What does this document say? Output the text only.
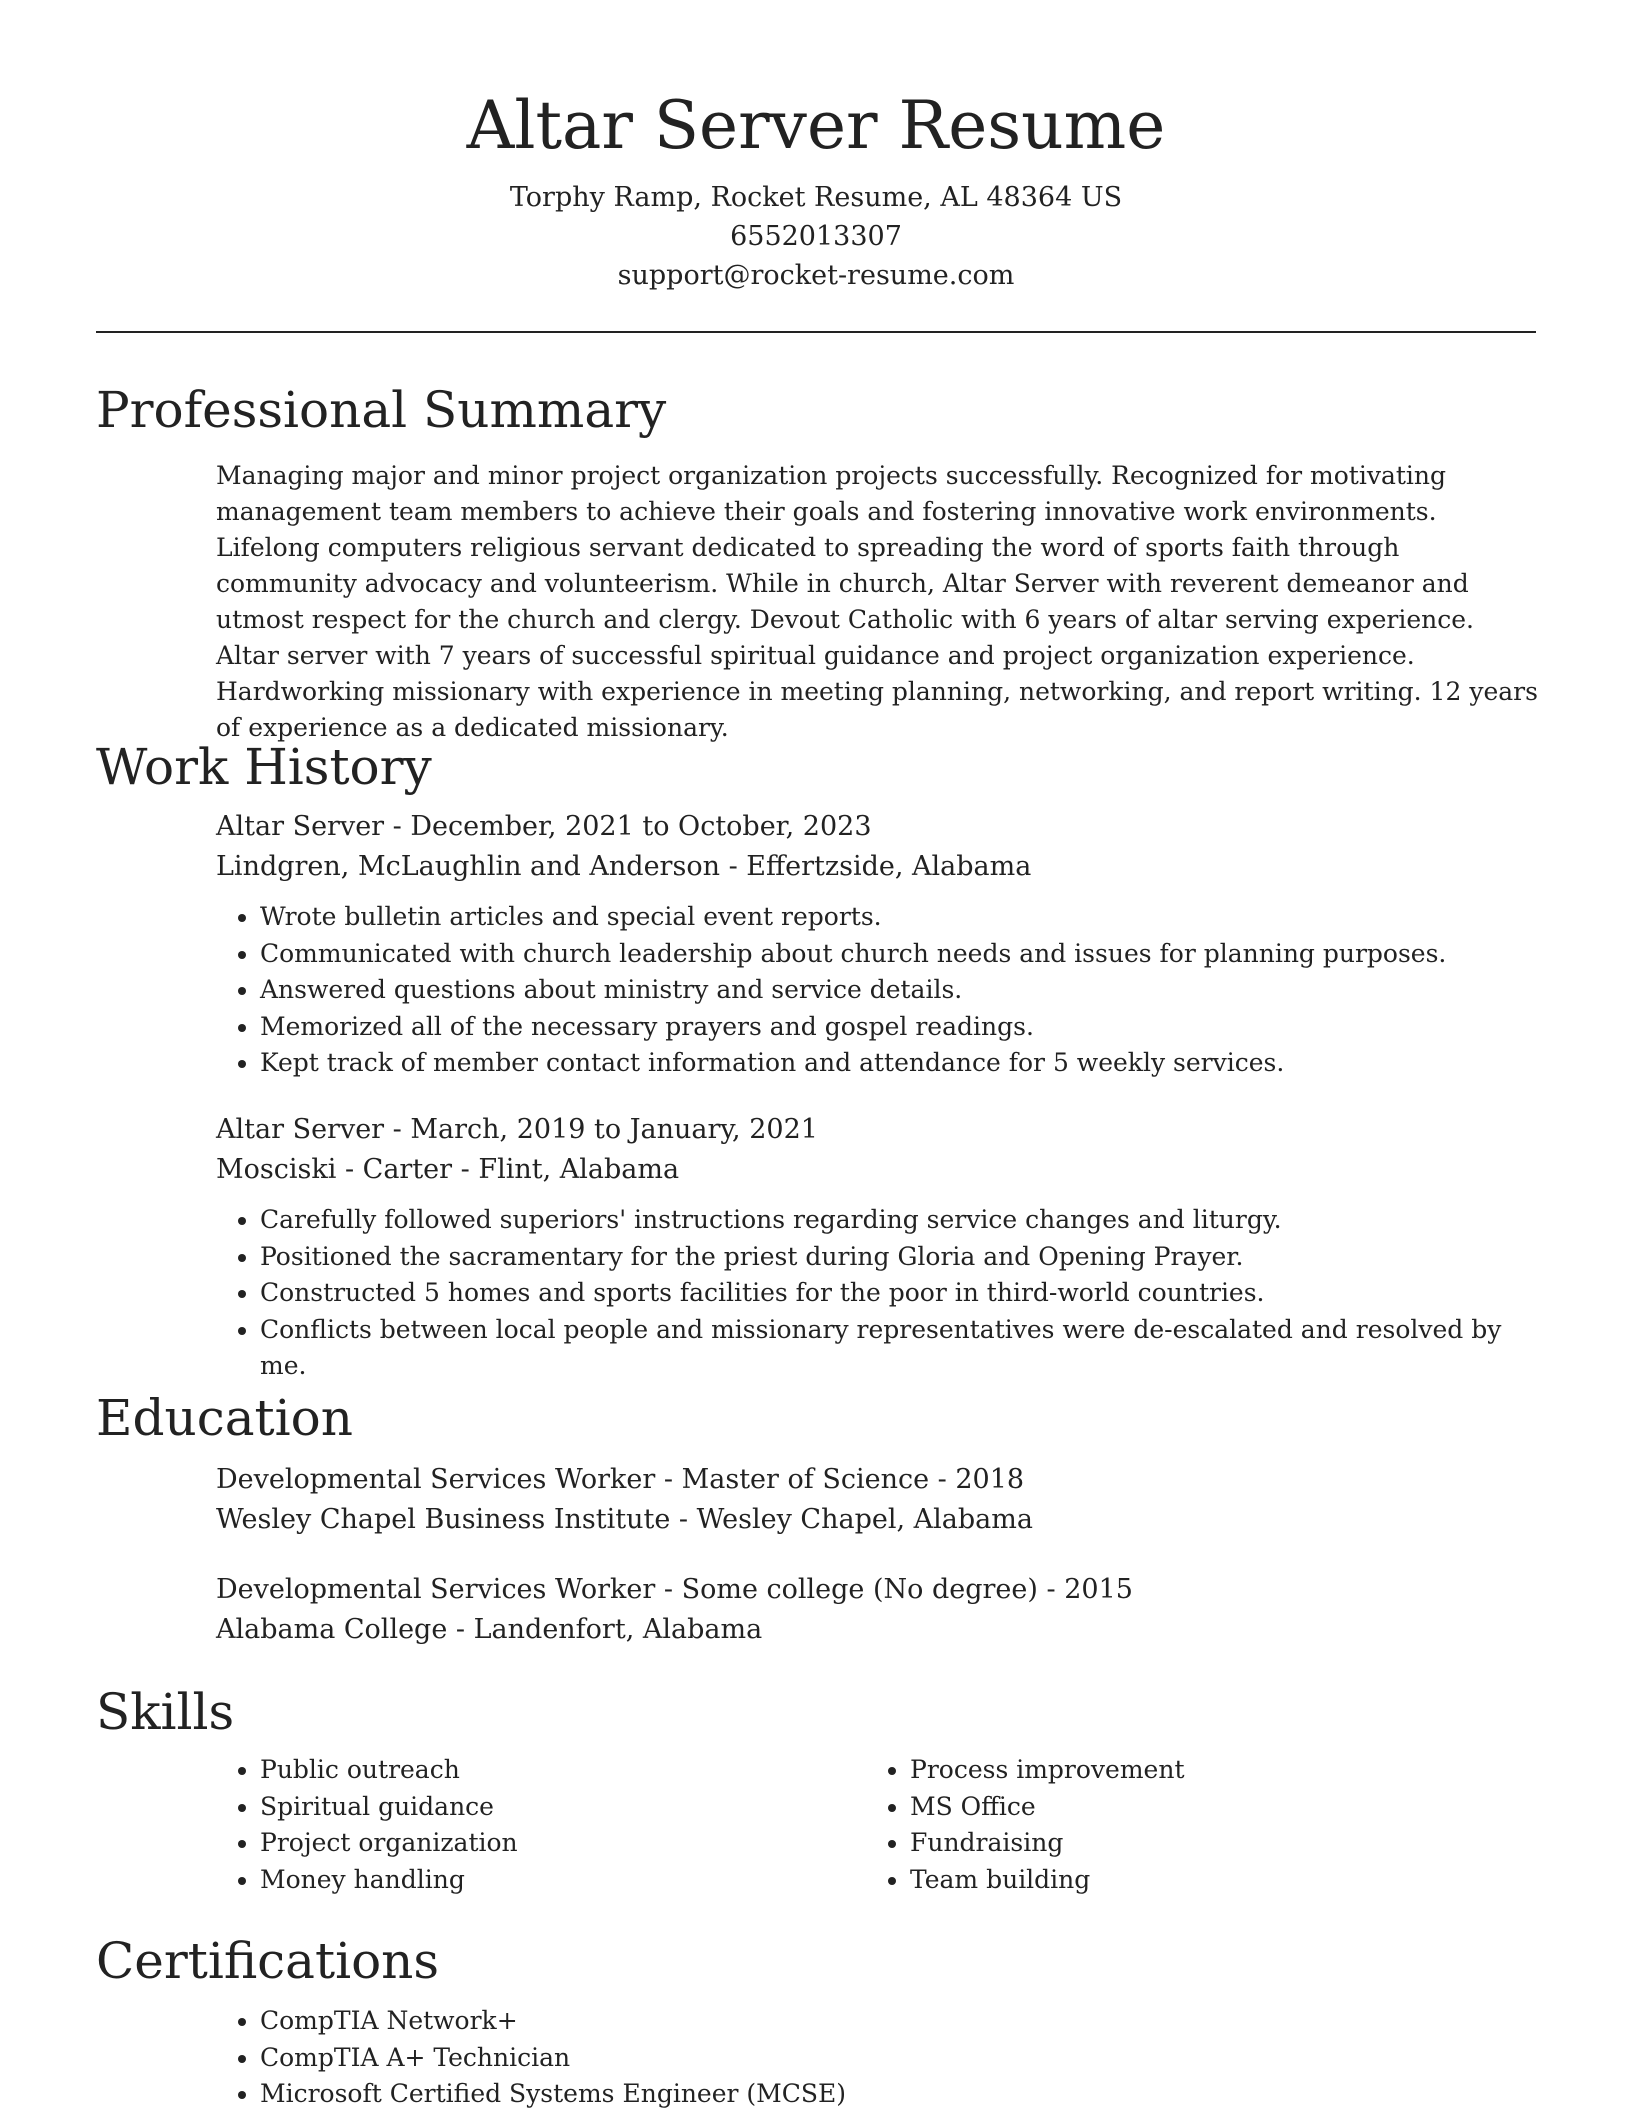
Altar Server Resume

Torphy Ramp, Rocket Resume, AL 48364 US

6552013307

support@rocket-resume.com

Professional Summary

Managing major and minor project organization projects successfully. Recognized for motivating management team members to achieve their goals and fostering innovative work environments. Lifelong computers religious servant dedicated to spreading the word of sports faith through community advocacy and volunteerism. While in church, Altar Server with reverent demeanor and utmost respect for the church and clergy. Devout Catholic with 6 years of altar serving experience. Altar server with 7 years of successful spiritual guidance and project organization experience. Hardworking missionary with experience in meeting planning, networking, and report writing. 12 years of experience as a dedicated missionary.

Work History

Altar Server - December, 2021 to October, 2023

Lindgren, McLaughlin and Anderson - Effertzside, Alabama

• Wrote bulletin articles and special event reports.
• Communicated with church leadership about church needs and issues for planning purposes.
• Answered questions about ministry and service details.
• Memorized all of the necessary prayers and gospel readings.
• Kept track of member contact information and attendance for 5 weekly services.

Altar Server - March, 2019 to January, 2021

Mosciski - Carter - Flint, Alabama

• Carefully followed superiors' instructions regarding service changes and liturgy.
• Positioned the sacramentary for the priest during Gloria and Opening Prayer.
• Constructed 5 homes and sports facilities for the poor in third-world countries.
• Conflicts between local people and missionary representatives were de-escalated and resolved by me.
Education

Developmental Services Worker - Master of Science - 2018

Wesley Chapel Business Institute - Wesley Chapel, Alabama

Developmental Services Worker - Some college (No degree) - 2015

Alabama College - Landenfort, Alabama

Skills
• Public outreach
• Spiritual guidance
• Project organization
• Money handling
• Process improvement
• MS Office
• Fundraising
• Team building
Certifications
• CompTIA Network+
• CompTIA A+ Technician
• Microsoft Certified Systems Engineer (MCSE)
